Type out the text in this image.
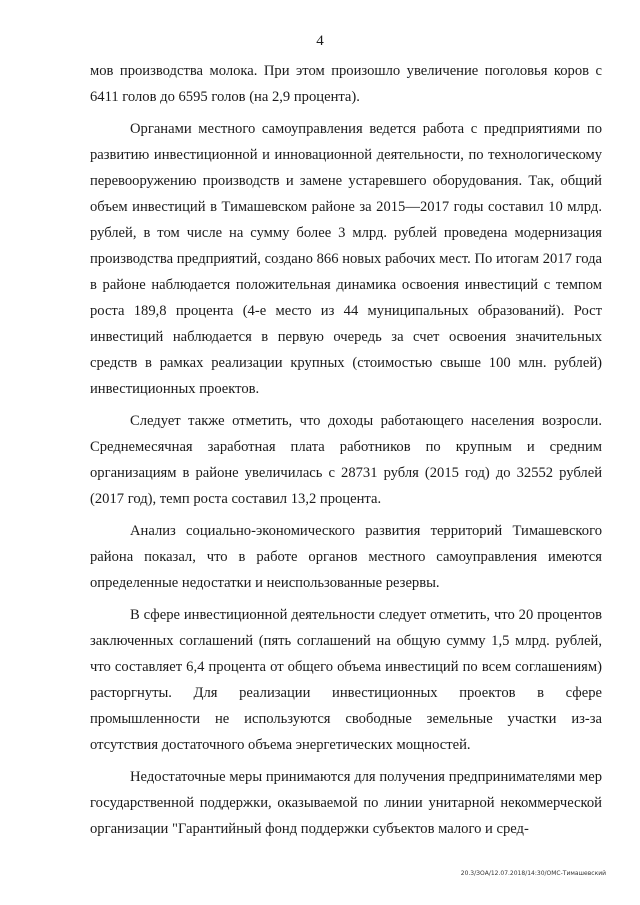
4

мов производства молока. При этом произошло увеличение поголовья коров с 6411 голов до 6595 голов (на 2,9 процента).

Органами местного самоуправления ведется работа с предприятиями по развитию инвестиционной и инновационной деятельности, по технологическому перевооружению производств и замене устаревшего оборудования. Так, общий объем инвестиций в Тимашевском районе за 2015—2017 годы составил 10 млрд. рублей, в том числе на сумму более 3 млрд. рублей проведена модернизация производства предприятий, создано 866 новых рабочих мест. По итогам 2017 года в районе наблюдается положительная динамика освоения инвестиций с темпом роста 189,8 процента (4-е место из 44 муниципальных образований). Рост инвестиций наблюдается в первую очередь за счет освоения значительных средств в рамках реализации крупных (стоимостью свыше 100 млн. рублей) инвестиционных проектов.

Следует также отметить, что доходы работающего населения возросли. Среднемесячная заработная плата работников по крупным и средним организациям в районе увеличилась с 28731 рубля (2015 год) до 32552 рублей (2017 год), темп роста составил 13,2 процента.

Анализ социально-экономического развития территорий Тимашевского района показал, что в работе органов местного самоуправления имеются определенные недостатки и неиспользованные резервы.

В сфере инвестиционной деятельности следует отметить, что 20 процентов заключенных соглашений (пять соглашений на общую сумму 1,5 млрд. рублей, что составляет 6,4 процента от общего объема инвестиций по всем соглашениям) расторгнуты. Для реализации инвестиционных проектов в сфере промышленности не используются свободные земельные участки из-за отсутствия достаточного объема энергетических мощностей.

Недостаточные меры принимаются для получения предпринимателями мер государственной поддержки, оказываемой по линии унитарной некоммерческой организации "Гарантийный фонд поддержки субъектов малого и сред-

20.3/ЗОА/12.07.2018/14:30/ОМС-Тимашевский
